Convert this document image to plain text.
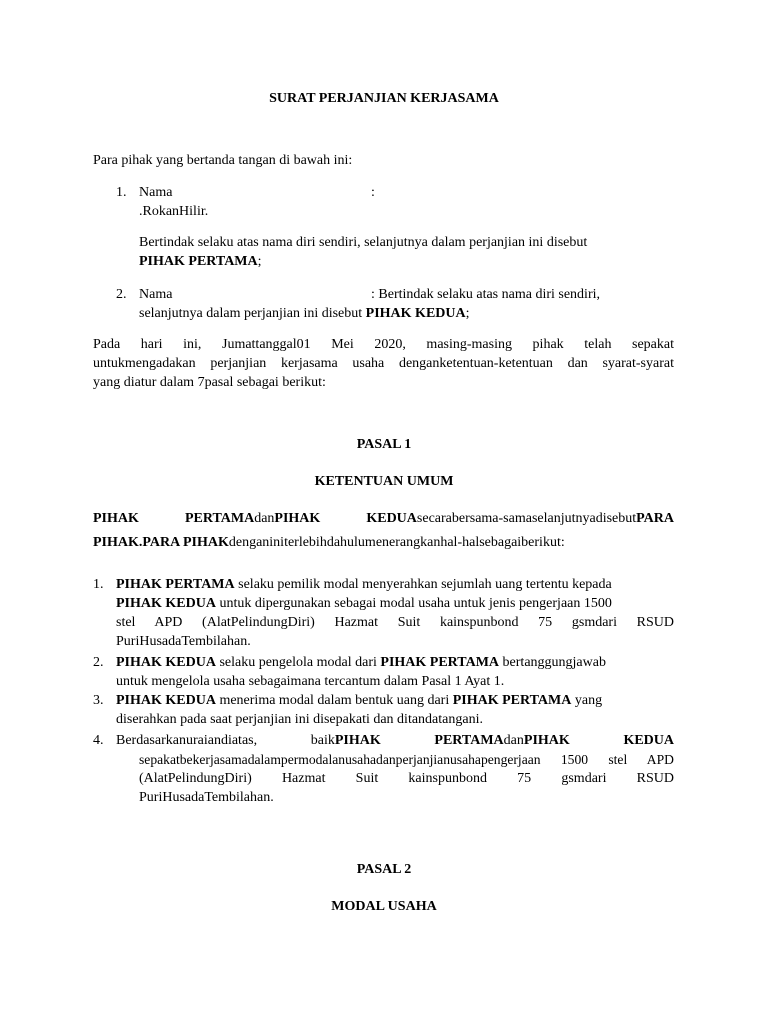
SURAT PERJANJIAN KERJASAMA
Para pihak yang bertanda tangan di bawah ini:
1. Nama	:
.RokanHilir.
Bertindak selaku atas nama diri sendiri, selanjutnya dalam perjanjian ini disebut
PIHAK PERTAMA;
2. Nama	: Bertindak selaku atas nama diri sendiri,
selanjutnya dalam perjanjian ini disebut PIHAK KEDUA;
Pada hari ini, Jumattanggal01 Mei 2020, masing-masing pihak telah sepakat
untukmengadakan perjanjian kerjasama usaha denganketentuan-ketentuan dan syarat-syarat
yang diatur dalam 7pasal sebagai berikut:
PASAL 1
KETENTUAN UMUM
PIHAK	PERTAMAdanPIHAK	KEDUAsecarabersama-samaselanjutnyadisebutPARA
PIHAK.PARA PIHAKdenganiniterlebihdahulumenerangkanhal-halsebagaiberikut:
1. PIHAK PERTAMA selaku pemilik modal menyerahkan sejumlah uang tertentu kepada
PIHAK KEDUA untuk dipergunakan sebagai modal usaha untuk jenis pengerjaan 1500
stel APD (AlatPelindungDiri) Hazmat Suit kainspunbond 75 gsmdari RSUD
PuriHusadaTembilahan.
2. PIHAK KEDUA selaku pengelola modal dari PIHAK PERTAMA bertanggungjawab
untuk mengelola usaha sebagaimana tercantum dalam Pasal 1 Ayat 1.
3. PIHAK KEDUA menerima modal dalam bentuk uang dari PIHAK PERTAMA yang
diserahkan pada saat perjanjian ini disepakati dan ditandatangani.
4. Berdasarkanuraiandiatas,	baikPIHAK	PERTAMAdanPIHAK	KEDUA
sepakatbekerjasamadalampermodalanusahadanperjanjianusahapengerjaan 1500 stel APD
(AlatPelindungDiri) Hazmat Suit kainspunbond 75 gsmdari RSUD
PuriHusadaTembilahan.
PASAL 2
MODAL USAHA
